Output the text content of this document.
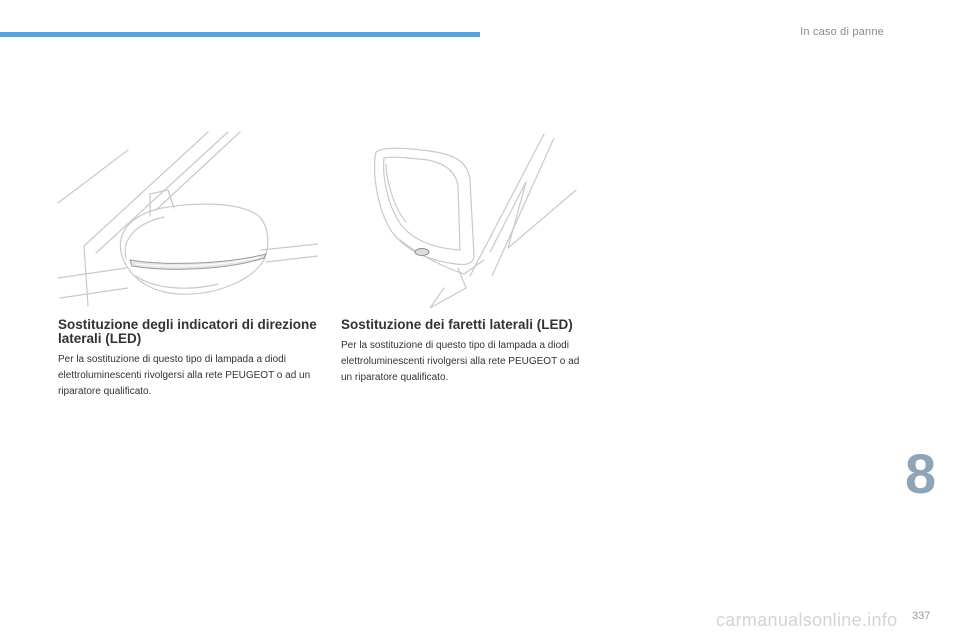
In caso di panne
Sostituzione degli indicatori di direzione laterali (LED)

Per la sostituzione di questo tipo di lampada a diodi elettroluminescenti rivolgersi alla rete PEUGEOT o ad un riparatore qualificato.

Sostituzione dei faretti laterali (LED)

Per la sostituzione di questo tipo di lampada a diodi elettroluminescenti rivolgersi alla rete PEUGEOT o ad un riparatore qualificato.

8
carmanualsonline.info 337
